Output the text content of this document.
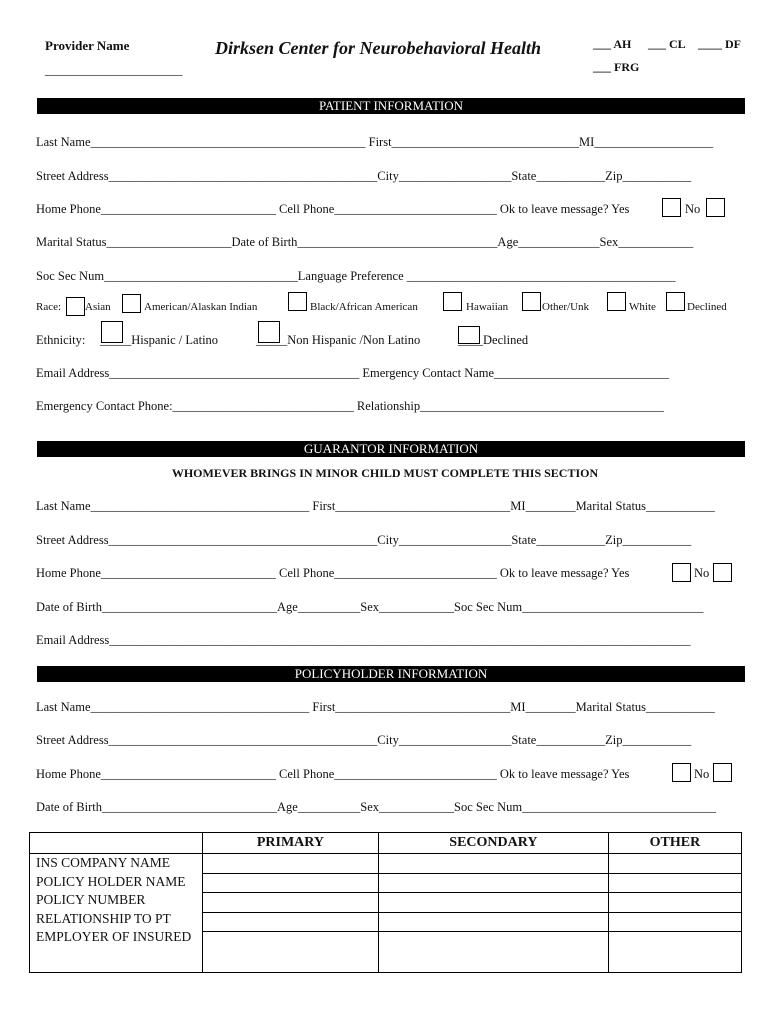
Provider Name
______________________
Dirksen Center for Neurobehavioral Health	___ AH ___ CL ____ DF
___ FRG
PATIENT INFORMATION
Last Name____________________________________________ First______________________________MI___________________
Street Address___________________________________________City__________________State___________Zip___________
Home Phone____________________________ Cell Phone__________________________ Ok to leave message? Yes	No
Marital Status____________________Date of Birth________________________________Age_____________Sex____________
Soc Sec Num_______________________________Language Preference ___________________________________________
Race: Asian	American/Alaskan Indian	Black/African American	Hawaiian	Other/Unk	White	Declined
Ethnicity: _____Hispanic / Latino	_____Non Hispanic /Non Latino	____Declined
Email Address________________________________________ Emergency Contact Name____________________________
Emergency Contact Phone:_____________________________ Relationship_______________________________________
GUARANTOR INFORMATION
WHOMEVER BRINGS IN MINOR CHILD MUST COMPLETE THIS SECTION
Last Name___________________________________ First____________________________MI________Marital Status___________
Street Address___________________________________________City__________________State___________Zip___________
Home Phone____________________________ Cell Phone__________________________ Ok to leave message? Yes	No
Date of Birth____________________________Age__________Sex____________Soc Sec Num_____________________________
Email Address_____________________________________________________________________________________________
POLICYHOLDER INFORMATION
Last Name___________________________________ First____________________________MI________Marital Status___________
Street Address___________________________________________City__________________State___________Zip___________
Home Phone____________________________ Cell Phone__________________________ Ok to leave message? Yes	No
Date of Birth____________________________Age__________Sex____________Soc Sec Num_______________________________
	PRIMARY	SECONDARY	OTHER

INS COMPANY NAME
POLICY HOLDER NAME
POLICY NUMBER
RELATIONSHIP TO PT
EMPLOYER OF INSURED			
